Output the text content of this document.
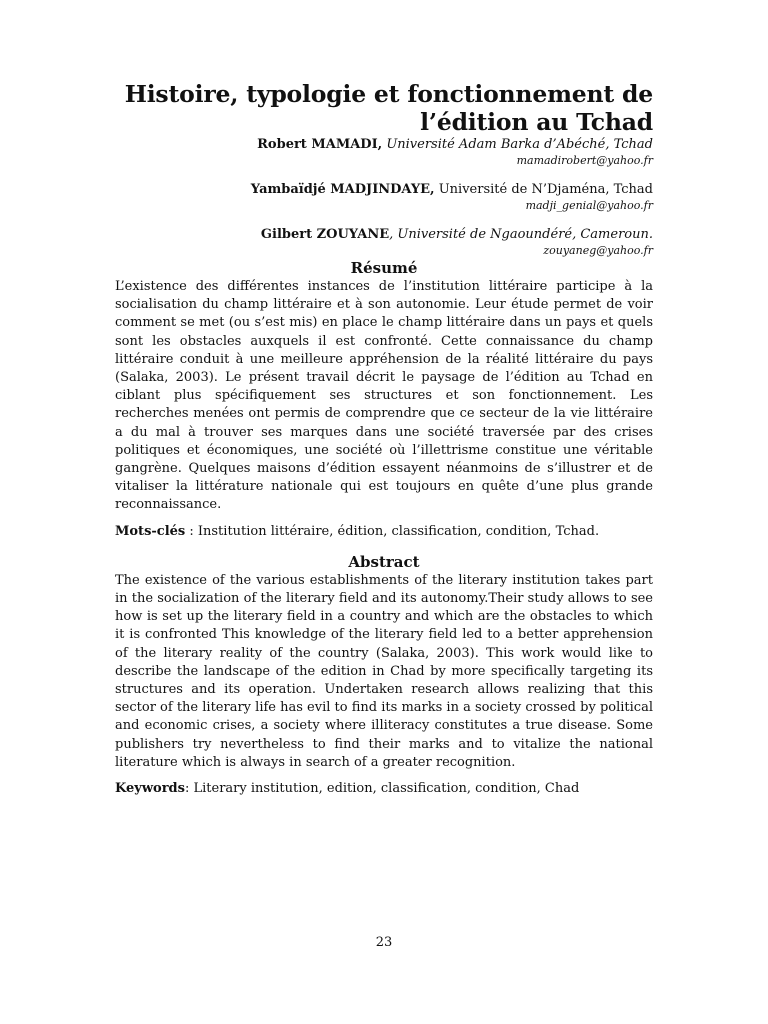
Histoire, typologie et fonctionnement de l’édition au Tchad

Robert MAMADI, Université Adam Barka d’Abéché, Tchad

mamadirobert@yahoo.fr

Yambaïdjé MADJINDAYE, Université de N’Djaména, Tchad

madji_genial@yahoo.fr

Gilbert ZOUYANE, Université de Ngaoundéré, Cameroun.

zouyaneg@yahoo.fr

Résumé

L’existence des différentes instances de l’institution littéraire participe à la socialisation du champ littéraire et à son autonomie. Leur étude permet de voir comment se met (ou s’est mis) en place le champ littéraire dans un pays et quels sont les obstacles auxquels il est confronté. Cette connaissance du champ littéraire conduit à une meilleure appréhension de la réalité littéraire du pays (Salaka, 2003). Le présent travail décrit le paysage de l’édition au Tchad en ciblant plus spécifiquement ses structures et son fonctionnement. Les recherches menées ont permis de comprendre que ce secteur de la vie littéraire a du mal à trouver ses marques dans une société traversée par des crises politiques et économiques, une société où l’illettrisme constitue une véritable gangrène. Quelques maisons d’édition essayent néanmoins de s’illustrer et de vitaliser la littérature nationale qui est toujours en quête d’une plus grande reconnaissance.

Mots-clés : Institution littéraire, édition, classification, condition, Tchad.

Abstract

The existence of the various establishments of the literary institution takes part in the socialization of the literary field and its autonomy.Their study allows to see how is set up the literary field in a country and which are the obstacles to which it is confronted This knowledge of the literary field led to a better apprehension of the literary reality of the country (Salaka, 2003). This work would like to describe the landscape of the edition in Chad by more specifically targeting its structures and its operation. Undertaken research allows realizing that this sector of the literary life has evil to find its marks in a society crossed by political and economic crises, a society where illiteracy constitutes a true disease. Some publishers try nevertheless to find their marks and to vitalize the national literature which is always in search of a greater recognition.

Keywords: Literary institution, edition, classification, condition, Chad

23
